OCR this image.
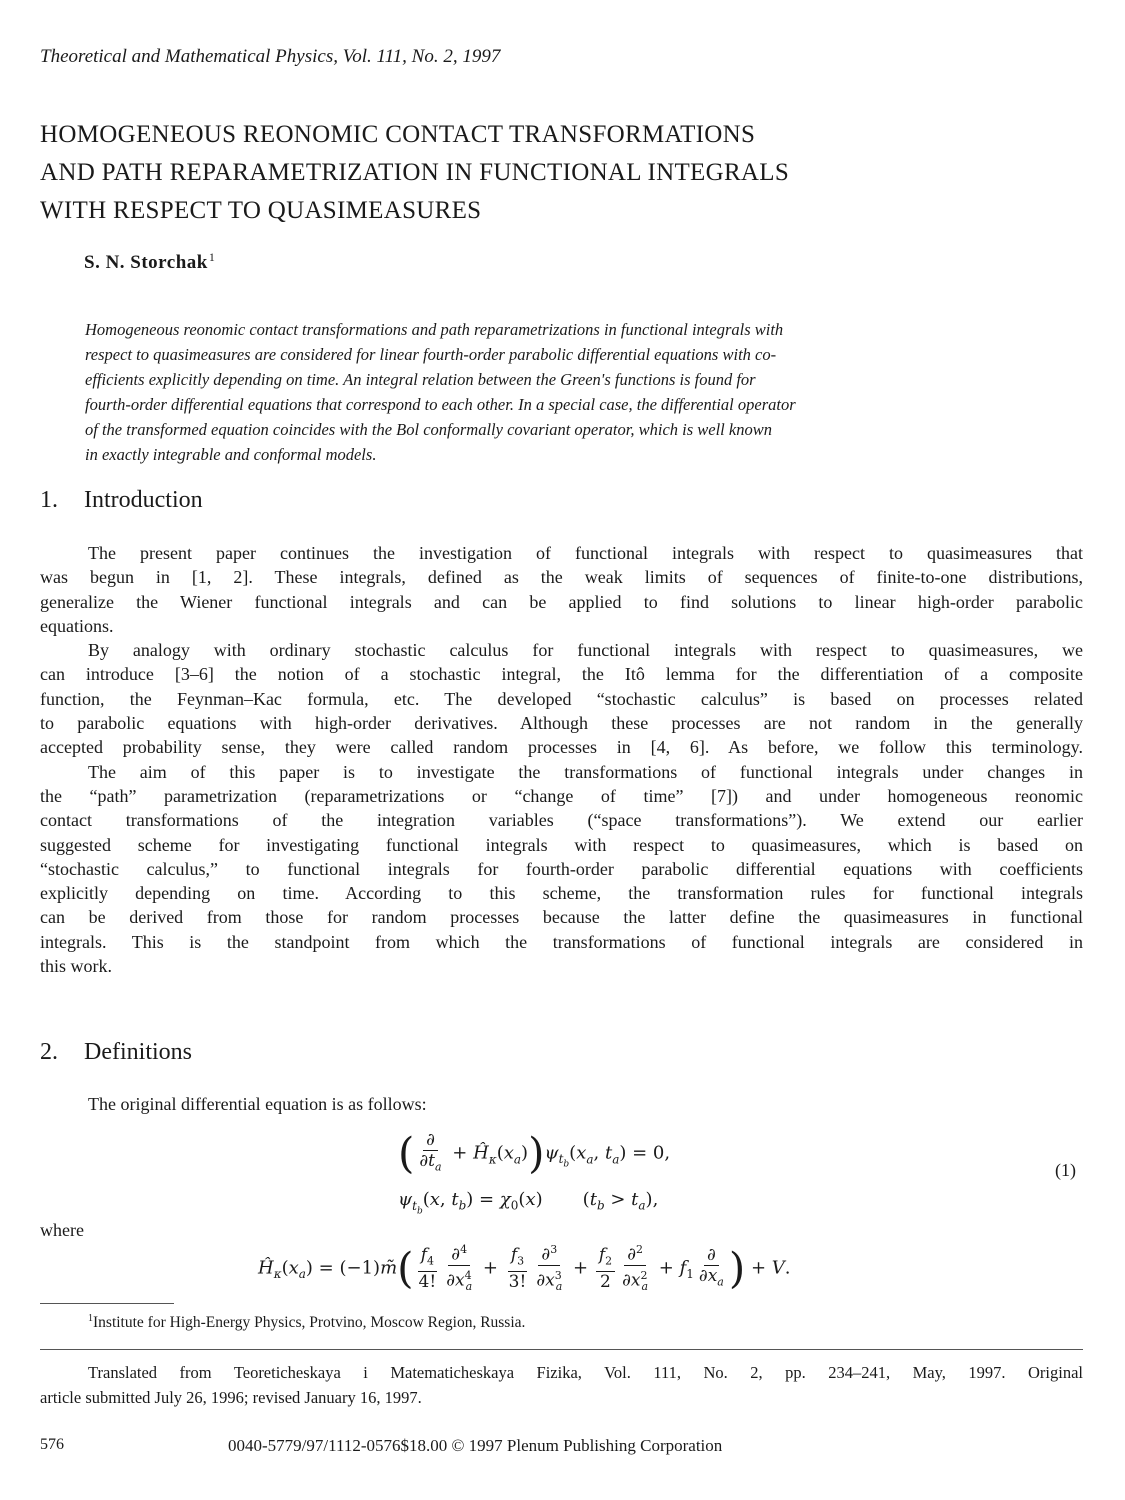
Theoretical and Mathematical Physics, Vol. 111, No. 2, 1997
HOMOGENEOUS REONOMIC CONTACT TRANSFORMATIONS
AND PATH REPARAMETRIZATION IN FUNCTIONAL INTEGRALS
WITH RESPECT TO QUASIMEASURES
S. N. Storchak$^1$
Homogeneous reonomic contact transformations and path reparametrizations in functional integrals with
respect to quasimeasures are considered for linear fourth-order parabolic differential equations with co-
efficients explicitly depending on time. An integral relation between the Green's functions is found for
fourth-order differential equations that correspond to each other. In a special case, the differential operator
of the transformed equation coincides with the Bol conformally covariant operator, which is well known
in exactly integrable and conformal models.
1. Introduction
The present paper continues the investigation of functional integrals with respect to quasimeasures that
was begun in [1, 2]. These integrals, defined as the weak limits of sequences of finite-to-one distributions,
generalize the Wiener functional integrals and can be applied to find solutions to linear high-order parabolic
equations.
By analogy with ordinary stochastic calculus for functional integrals with respect to quasimeasures, we
can introduce [3–6] the notion of a stochastic integral, the Itô lemma for the differentiation of a composite
function, the Feynman–Kac formula, etc. The developed “stochastic calculus” is based on processes related
to parabolic equations with high-order derivatives. Although these processes are not random in the generally
accepted probability sense, they were called random processes in [4, 6]. As before, we follow this terminology.
The aim of this paper is to investigate the transformations of functional integrals under changes in
the “path” parametrization (reparametrizations or “change of time” [7]) and under homogeneous reonomic
contact transformations of the integration variables (“space transformations”). We extend our earlier
suggested scheme for investigating functional integrals with respect to quasimeasures, which is based on
“stochastic calculus,” to functional integrals for fourth-order parabolic differential equations with coefficients
explicitly depending on time. According to this scheme, the transformation rules for functional integrals
can be derived from those for random processes because the latter define the quasimeasures in functional
integrals. This is the standpoint from which the transformations of functional integrals are considered in
this work.
2. Definitions
The original differential equation is as follows:
( $\frac{\partial}{\partial t_a}$ + $Ĥ_\kappa(x_a))\psi_{t_b}(x_a$, $t_a) = 0$,
$\psi_{t_b}(x$, $t_b) = \chi_0(x)$       $(t_b > t_a)$,
(1)
where
$Ĥ_\kappa(x_a)$ = (−1)m̃( $\frac{f_4}{4!} \frac{\partial^4}{\partial x^4_a} + \frac{f_3}{3!} \frac{\partial^3}{\partial x^3_a} + \frac{f_2}{2} \frac{\partial^2}{\partial x^2_a} + f_1 \frac{\partial}{\partial x_a}$ ) + V.
$^1$Institute for High-Energy Physics, Protvino, Moscow Region, Russia.
Translated from Teoreticheskaya i Matematicheskaya Fizika, Vol. 111, No. 2, pp. 234–241, May, 1997. Original
article submitted July 26, 1996; revised January 16, 1997.
576	0040-5779/97/1112-0576$18.00 © 1997 Plenum Publishing Corporation
